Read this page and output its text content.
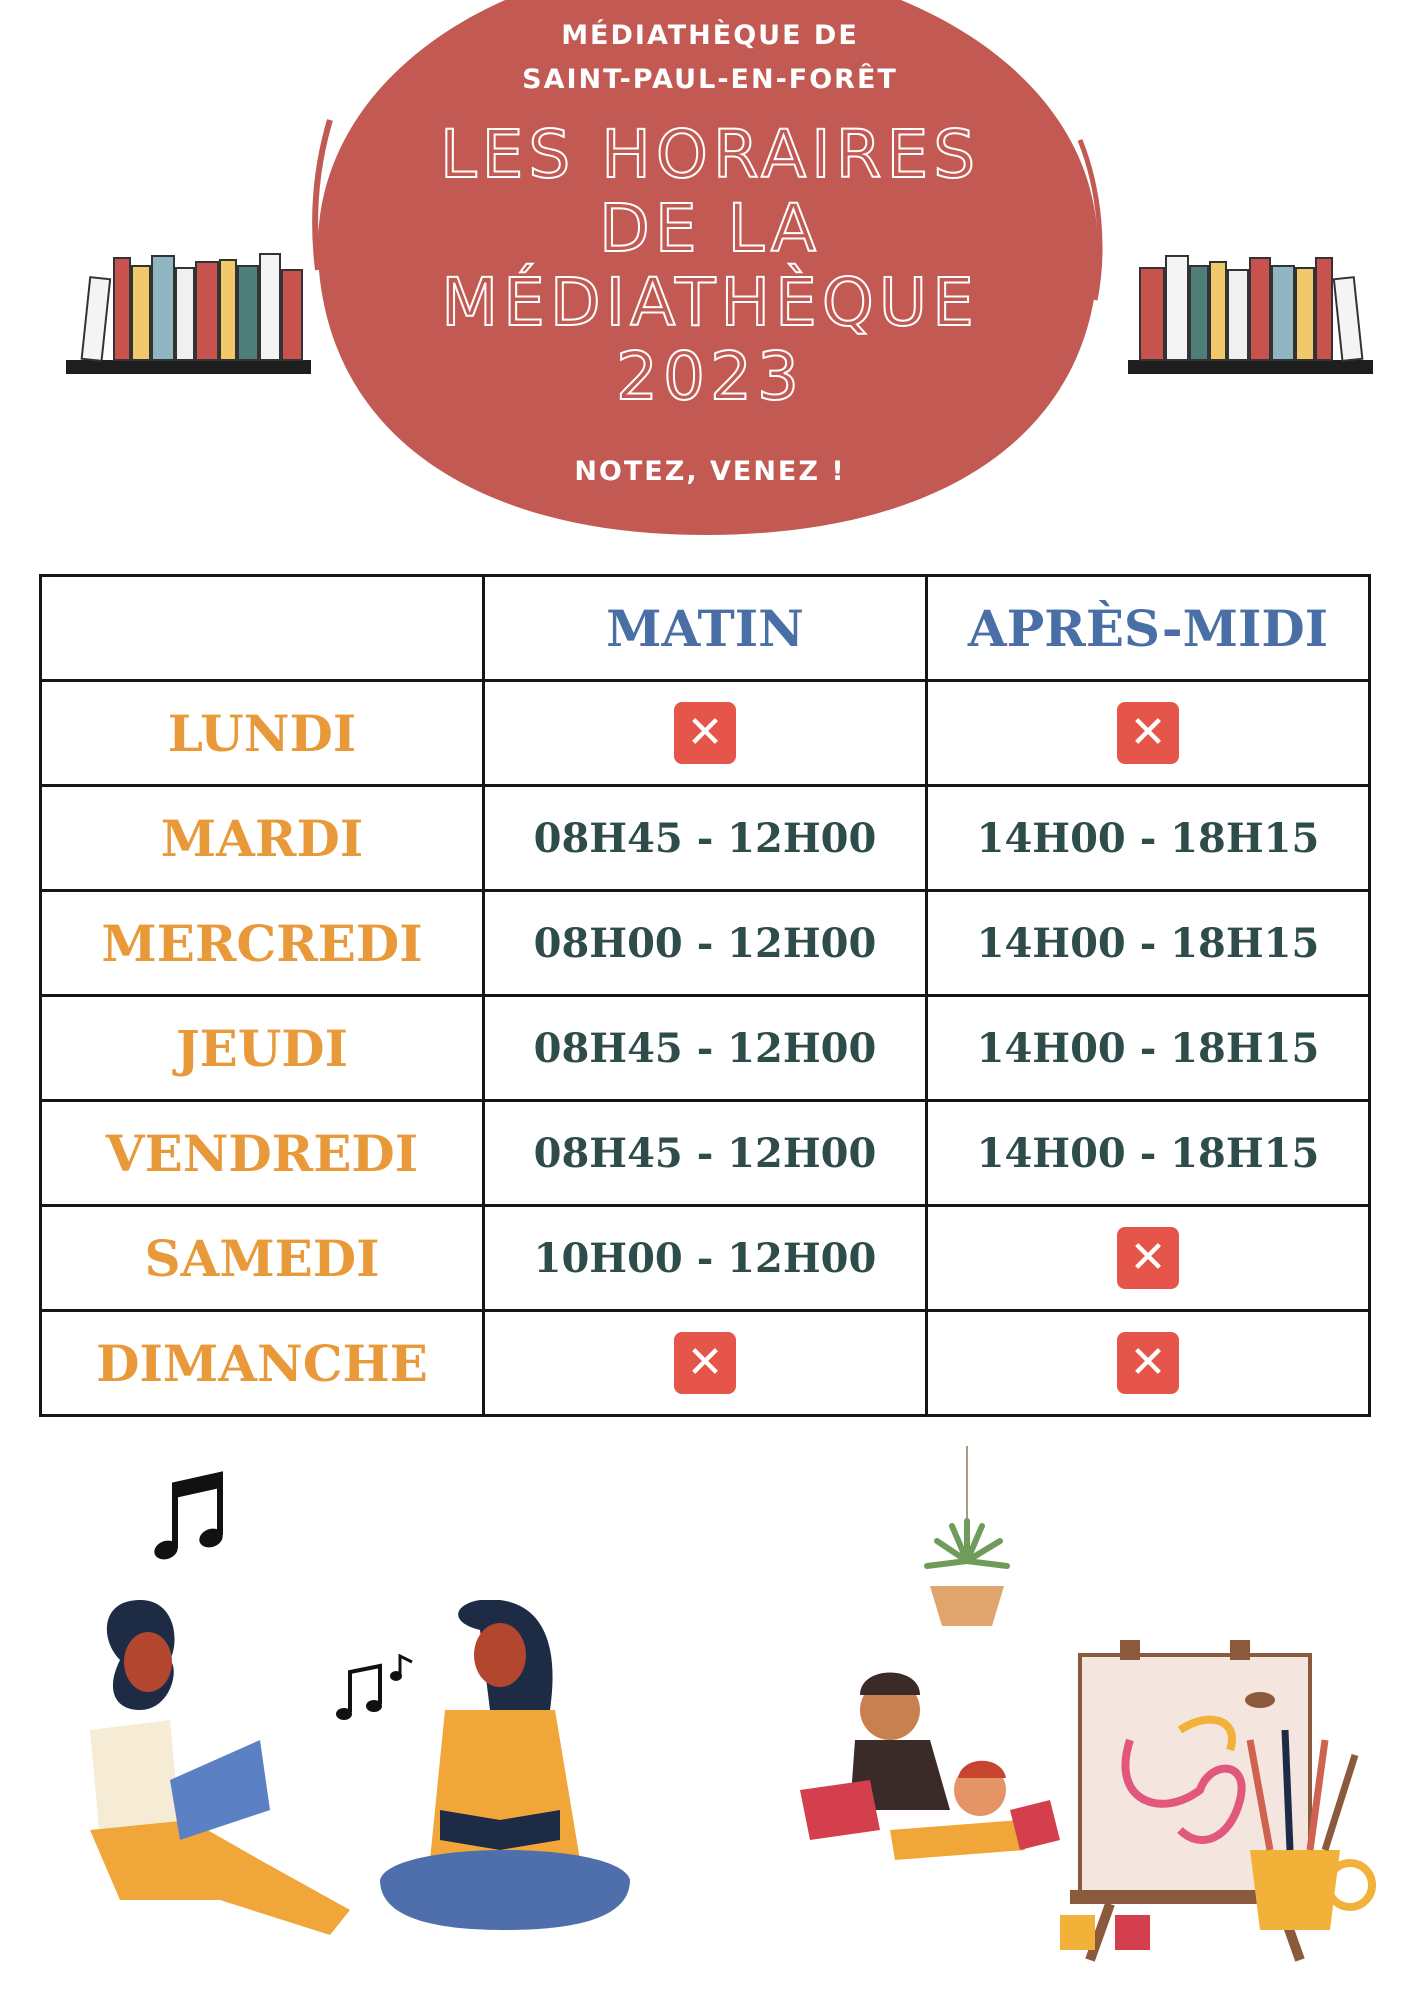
MÉDIATHÈQUE DE
SAINT-PAUL-EN-FORÊT
LES HORAIRES
DE LA
MÉDIATHÈQUE
2023
NOTEZ, VENEZ !
	MATIN	APRÈS-MIDI
LUNDI	✕	✕
MARDI	08H45 - 12H00	14H00 - 18H15
MERCREDI	08H00 - 12H00	14H00 - 18H15
JEUDI	08H45 - 12H00	14H00 - 18H15
VENDREDI	08H45 - 12H00	14H00 - 18H15
SAMEDI	10H00 - 12H00	✕
DIMANCHE	✕	✕
